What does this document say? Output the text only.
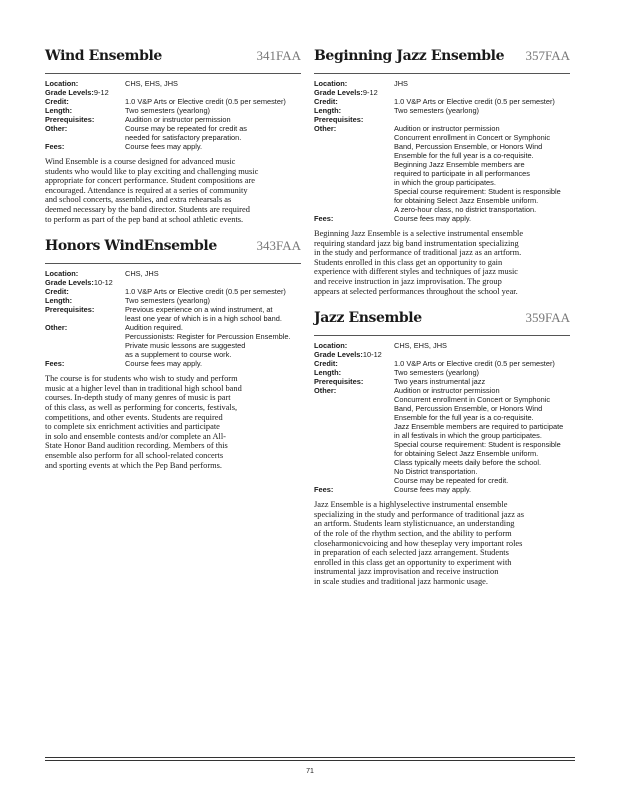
Wind Ensemble	341FAA
Location:	CHS, EHS, JHS
Grade Levels: 9-12
Credit:	1.0 V&P Arts or Elective credit (0.5 per semester)
Length:	Two semesters (yearlong)
Prerequisites:	Audition or instructor permission
Other:	Course may be repeated for credit as
needed for satisfactory preparation.
Fees:	Course fees may apply.
Wind Ensemble is a course designed for advanced music
students who would like to play exciting and challenging music
appropriate for concert performance. Student compositions are
encouraged. Attendance is required at a series of community
and school concerts, assemblies, and extra rehearsals as
deemed necessary by the band director. Students are required
to perform as part of the pep band at school athletic events.
Honors WindEnsemble	343FAA
Location:	CHS, JHS
Grade Levels: 10-12
Credit:	1.0 V&P Arts or Elective credit (0.5 per semester)
Length:	Two semesters (yearlong)
Prerequisites:	Previous experience on a wind instrument, at
least one year of which is in a high school band.
Other:	Audition required.
Percussionists: Register for Percussion Ensemble.
Private music lessons are suggested
as a supplement to course work.
Fees:	Course fees may apply.
The course is for students who wish to study and perform
music at a higher level than in traditional high school band
courses. In-depth study of many genres of music is part
of this class, as well as performing for concerts, festivals,
competitions, and other events. Students are required
to complete six enrichment activities and participate
in solo and ensemble contests and/or complete an All-
State Honor Band audition recording. Members of this
ensemble also perform for all school-related concerts
and sporting events at which the Pep Band performs.
Beginning Jazz Ensemble 357FAA
Location:	JHS
Grade Levels: 9-12
Credit:	1.0 V&P Arts or Elective credit (0.5 per semester)
Length:	Two semesters (yearlong)
Prerequisites:

Other:	Audition or instructor permission
Concurrent enrollment in Concert or Symphonic
Band, Percussion Ensemble, or Honors Wind
Ensemble for the full year is a co-requisite.
Beginning Jazz Ensemble members are
required to participate in all performances
in which the group participates.
Special course requirement: Student is responsible
for obtaining Select Jazz Ensemble uniform.
A zero-hour class, no district transportation.
Fees:	Course fees may apply.
Beginning Jazz Ensemble is a selective instrumental ensemble
requiring standard jazz big band instrumentation specializing
in the study and performance of traditional jazz as an artform.
Students enrolled in this class get an opportunity to gain
experience with different styles and techniques of jazz music
and receive instruction in jazz improvisation. The group
appears at selected performances throughout the school year.
Jazz Ensemble	359FAA
Location:	CHS, EHS, JHS
Grade Levels: 10-12
Credit:	1.0 V&P Arts or Elective credit (0.5 per semester)
Length:	Two semesters (yearlong)
Prerequisites:	Two years instrumental jazz
Other:	Audition or instructor permission
Concurrent enrollment in Concert or Symphonic
Band, Percussion Ensemble, or Honors Wind
Ensemble for the full year is a co-requisite.
Jazz Ensemble members are required to participate
in all festivals in which the group participates.
Special course requirement: Student is responsible
for obtaining Select Jazz Ensemble uniform.
Class typically meets daily before the school.
No District transportation.
Course may be repeated for credit.
Fees:	Course fees may apply.
Jazz Ensemble is a highlyselective instrumental ensemble
specializing in the study and performance of traditional jazz as
an artform. Students learn stylisticnuance, an understanding
of the role of the rhythm section, and the ability to perform
closeharmonicvoicing and how theseplay very important roles
in preparation of each selected jazz arrangement. Students
enrolled in this class get an opportunity to experiment with
instrumental jazz improvisation and receive instruction
in scale studies and traditional jazz harmonic usage.
71
